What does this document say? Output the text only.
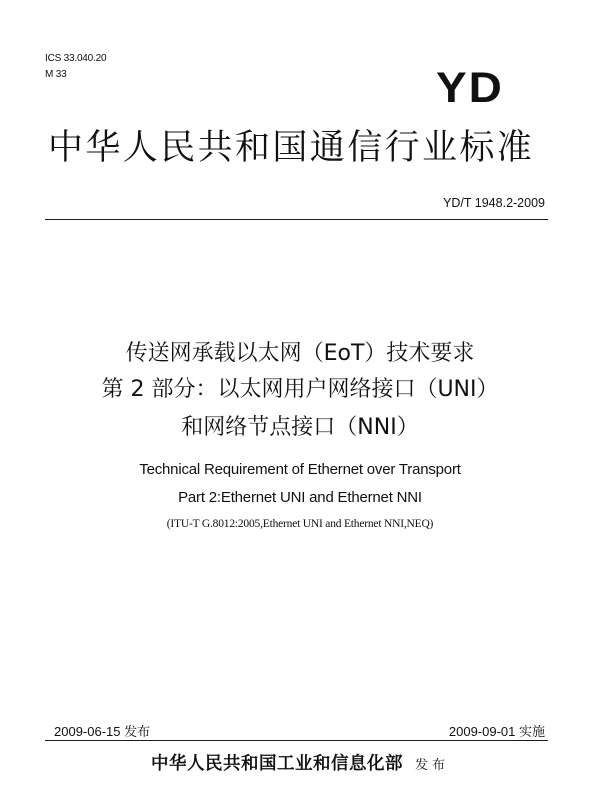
ICS 33.040.20
M 33	YD
中华人民共和国通信行业标准
YD/T 1948.2-2009
传送网承载以太网（EoT）技术要求
第 2 部分：以太网用户网络接口（UNI）
和网络节点接口（NNI）
Technical Requirement of Ethernet over Transport
Part 2:Ethernet UNI and Ethernet NNI
(ITU-T G.8012:2005,Ethernet UNI and Ethernet NNI,NEQ)
2009-06-15 发布	2009-09-01 实施
中华人民共和国工业和信息化部 发布
